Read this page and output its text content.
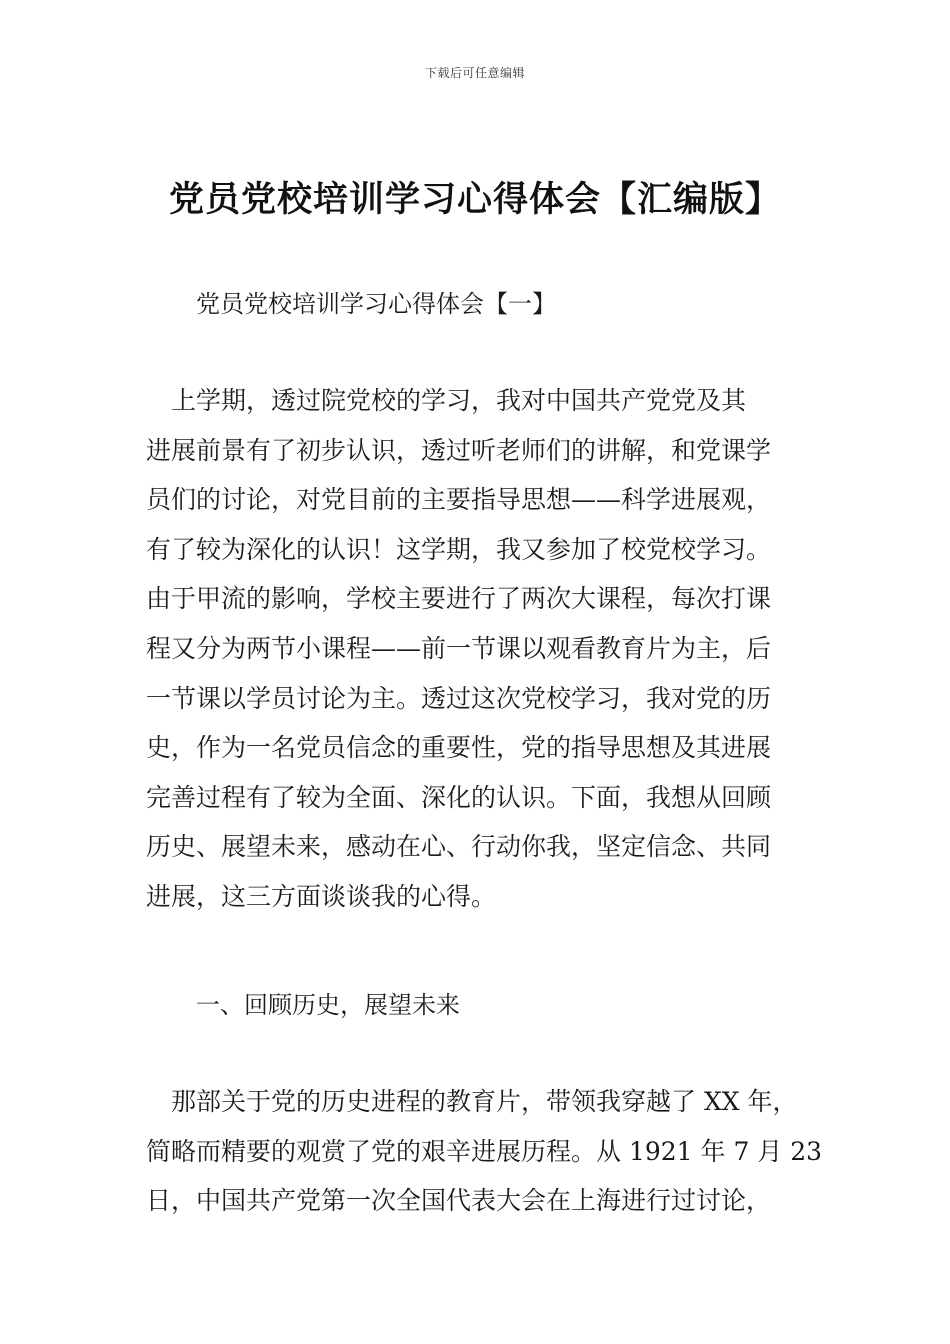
下载后可任意编辑
党员党校培训学习心得体会【汇编版】
党员党校培训学习心得体会【一】
　上学期，透过院党校的学习，我对中国共产党党及其
进展前景有了初步认识，透过听老师们的讲解，和党课学
员们的讨论，对党目前的主要指导思想——科学进展观，
有了较为深化的认识！这学期，我又参加了校党校学习。
由于甲流的影响，学校主要进行了两次大课程，每次打课
程又分为两节小课程——前一节课以观看教育片为主，后
一节课以学员讨论为主。透过这次党校学习，我对党的历
史，作为一名党员信念的重要性，党的指导思想及其进展
完善过程有了较为全面、深化的认识。下面，我想从回顾
历史、展望未来，感动在心、行动你我，坚定信念、共同
进展，这三方面谈谈我的心得。
一、回顾历史，展望未来
　那部关于党的历史进程的教育片，带领我穿越了 XX 年，
简略而精要的观赏了党的艰辛进展历程。从 1921 年 7 月 23
日，中国共产党第一次全国代表大会在上海进行过讨论，
